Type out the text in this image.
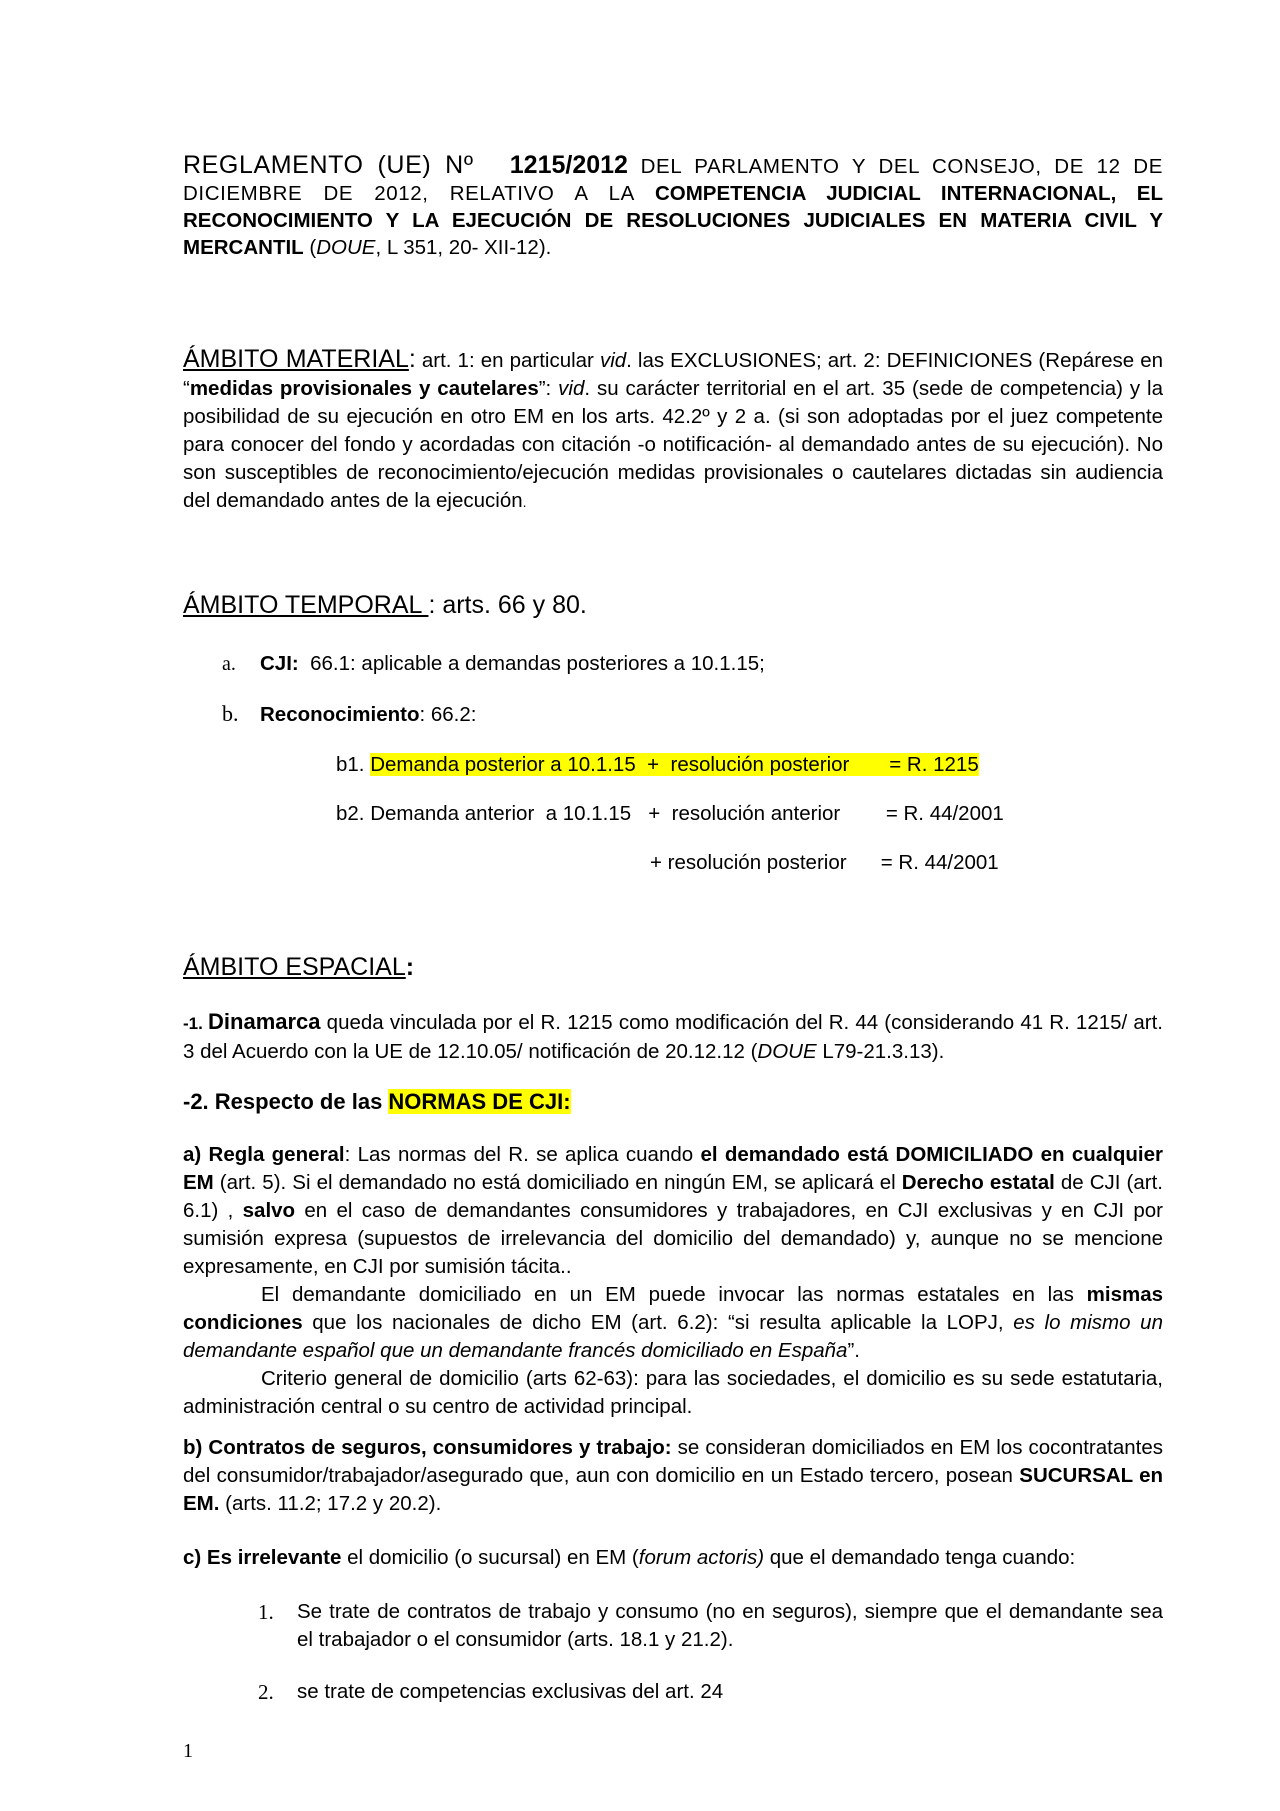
REGLAMENTO (UE) Nº 1215/2012 DEL PARLAMENTO Y DEL CONSEJO, DE 12 DE DICIEMBRE DE 2012, RELATIVO A LA COMPETENCIA JUDICIAL INTERNACIONAL, EL RECONOCIMIENTO Y LA EJECUCIÓN DE RESOLUCIONES JUDICIALES EN MATERIA CIVIL Y MERCANTIL (DOUE, L 351, 20- XII-12).
ÁMBITO MATERIAL: art. 1: en particular vid. las EXCLUSIONES; art. 2: DEFINICIONES (Repárese en “medidas provisionales y cautelares”: vid. su carácter territorial en el art. 35 (sede de competencia) y la posibilidad de su ejecución en otro EM en los arts. 42.2º y 2 a. (si son adoptadas por el juez competente para conocer del fondo y acordadas con citación -o notificación- al demandado antes de su ejecución). No son susceptibles de reconocimiento/ejecución medidas provisionales o cautelares dictadas sin audiencia del demandado antes de la ejecución.
ÁMBITO TEMPORAL : arts. 66 y 80.
a. CJI:  66.1: aplicable a demandas posteriores a 10.1.15;
b. Reconocimiento: 66.2:
b1. Demanda posterior a 10.1.15  +  resolución posterior       = R. 1215
b2. Demanda anterior  a 10.1.15   +  resolución anterior        = R. 44/2001
+ resolución posterior      = R. 44/2001
ÁMBITO ESPACIAL:
-1. Dinamarca queda vinculada por el R. 1215 como modificación del R. 44 (considerando 41 R. 1215/ art. 3 del Acuerdo con la UE de 12.10.05/ notificación de 20.12.12 (DOUE L79-21.3.13).
-2. Respecto de las NORMAS DE CJI:
a) Regla general: Las normas del R. se aplica cuando el demandado está DOMICILIADO en cualquier EM (art. 5). Si el demandado no está domiciliado en ningún EM, se aplicará el Derecho estatal de CJI (art. 6.1) , salvo en el caso de demandantes consumidores y trabajadores, en CJI exclusivas y en CJI por sumisión expresa (supuestos de irrelevancia del domicilio del demandado) y, aunque no se mencione expresamente, en CJI por sumisión tácita..
El demandante domiciliado en un EM puede invocar las normas estatales en las mismas condiciones que los nacionales de dicho EM (art. 6.2): “si resulta aplicable la LOPJ, es lo mismo un demandante español que un demandante francés domiciliado en España”.
Criterio general de domicilio (arts 62-63): para las sociedades, el domicilio es su sede estatutaria, administración central o su centro de actividad principal.
b) Contratos de seguros, consumidores y trabajo: se consideran domiciliados en EM los cocontratantes del consumidor/trabajador/asegurado que, aun con domicilio en un Estado tercero, posean SUCURSAL en EM. (arts. 11.2; 17.2 y 20.2).
c) Es irrelevante el domicilio (o sucursal) en EM (forum actoris) que el demandado tenga cuando:
1. Se trate de contratos de trabajo y consumo (no en seguros), siempre que el demandante sea el trabajador o el consumidor (arts. 18.1 y 21.2).
2. se trate de competencias exclusivas del art. 24
1
